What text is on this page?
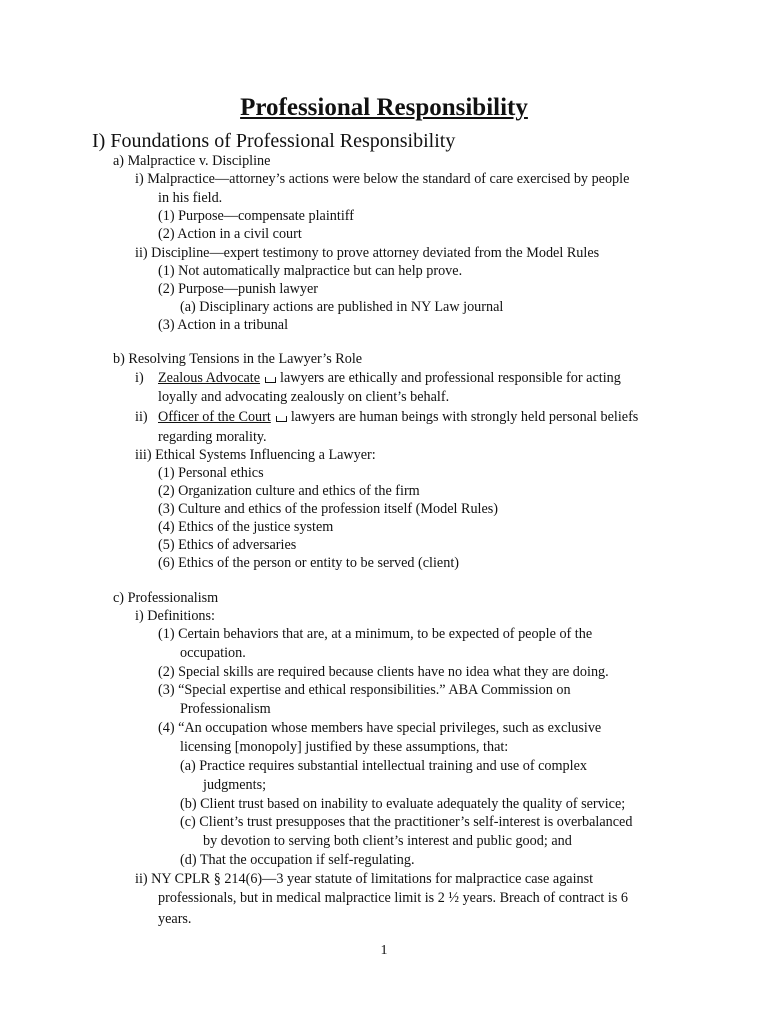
Professional Responsibility
I) Foundations of Professional Responsibility
a) Malpractice v. Discipline
i) Malpractice—attorney’s actions were below the standard of care exercised by people
in his field.
(1) Purpose—compensate plaintiff
(2) Action in a civil court
ii) Discipline—expert testimony to prove attorney deviated from the Model Rules
(1) Not automatically malpractice but can help prove.
(2) Purpose—punish lawyer
(a) Disciplinary actions are published in NY Law journal
(3) Action in a tribunal
b) Resolving Tensions in the Lawyer’s Role
loyally and advocating zealously on client’s behalf.
regarding morality.
iii) Ethical Systems Influencing a Lawyer:
(1) Personal ethics
(2) Organization culture and ethics of the firm
(3) Culture and ethics of the profession itself (Model Rules)
(4) Ethics of the justice system
(5) Ethics of adversaries
(6) Ethics of the person or entity to be served (client)
c) Professionalism
i) Definitions:
(1) Certain behaviors that are, at a minimum, to be expected of people of the
occupation.
(2) Special skills are required because clients have no idea what they are doing.
(3) “Special expertise and ethical responsibilities.” ABA Commission on
Professionalism
(4) “An occupation whose members have special privileges, such as exclusive
licensing [monopoly] justified by these assumptions, that:
(a) Practice requires substantial intellectual training and use of complex
judgments;
(b) Client trust based on inability to evaluate adequately the quality of service;
(c) Client’s trust presupposes that the practitioner’s self-interest is overbalanced
by devotion to serving both client’s interest and public good; and
(d) That the occupation if self-regulating.
ii) NY CPLR § 214(6)—3 year statute of limitations for malpractice case against
professionals, but in medical malpractice limit is 2 ½ years. Breach of contract is 6
years.
i) Zealous Advocate lawyers are ethically and professional responsible for acting
ii) Officer of the Court lawyers are human beings with strongly held personal beliefs
1
